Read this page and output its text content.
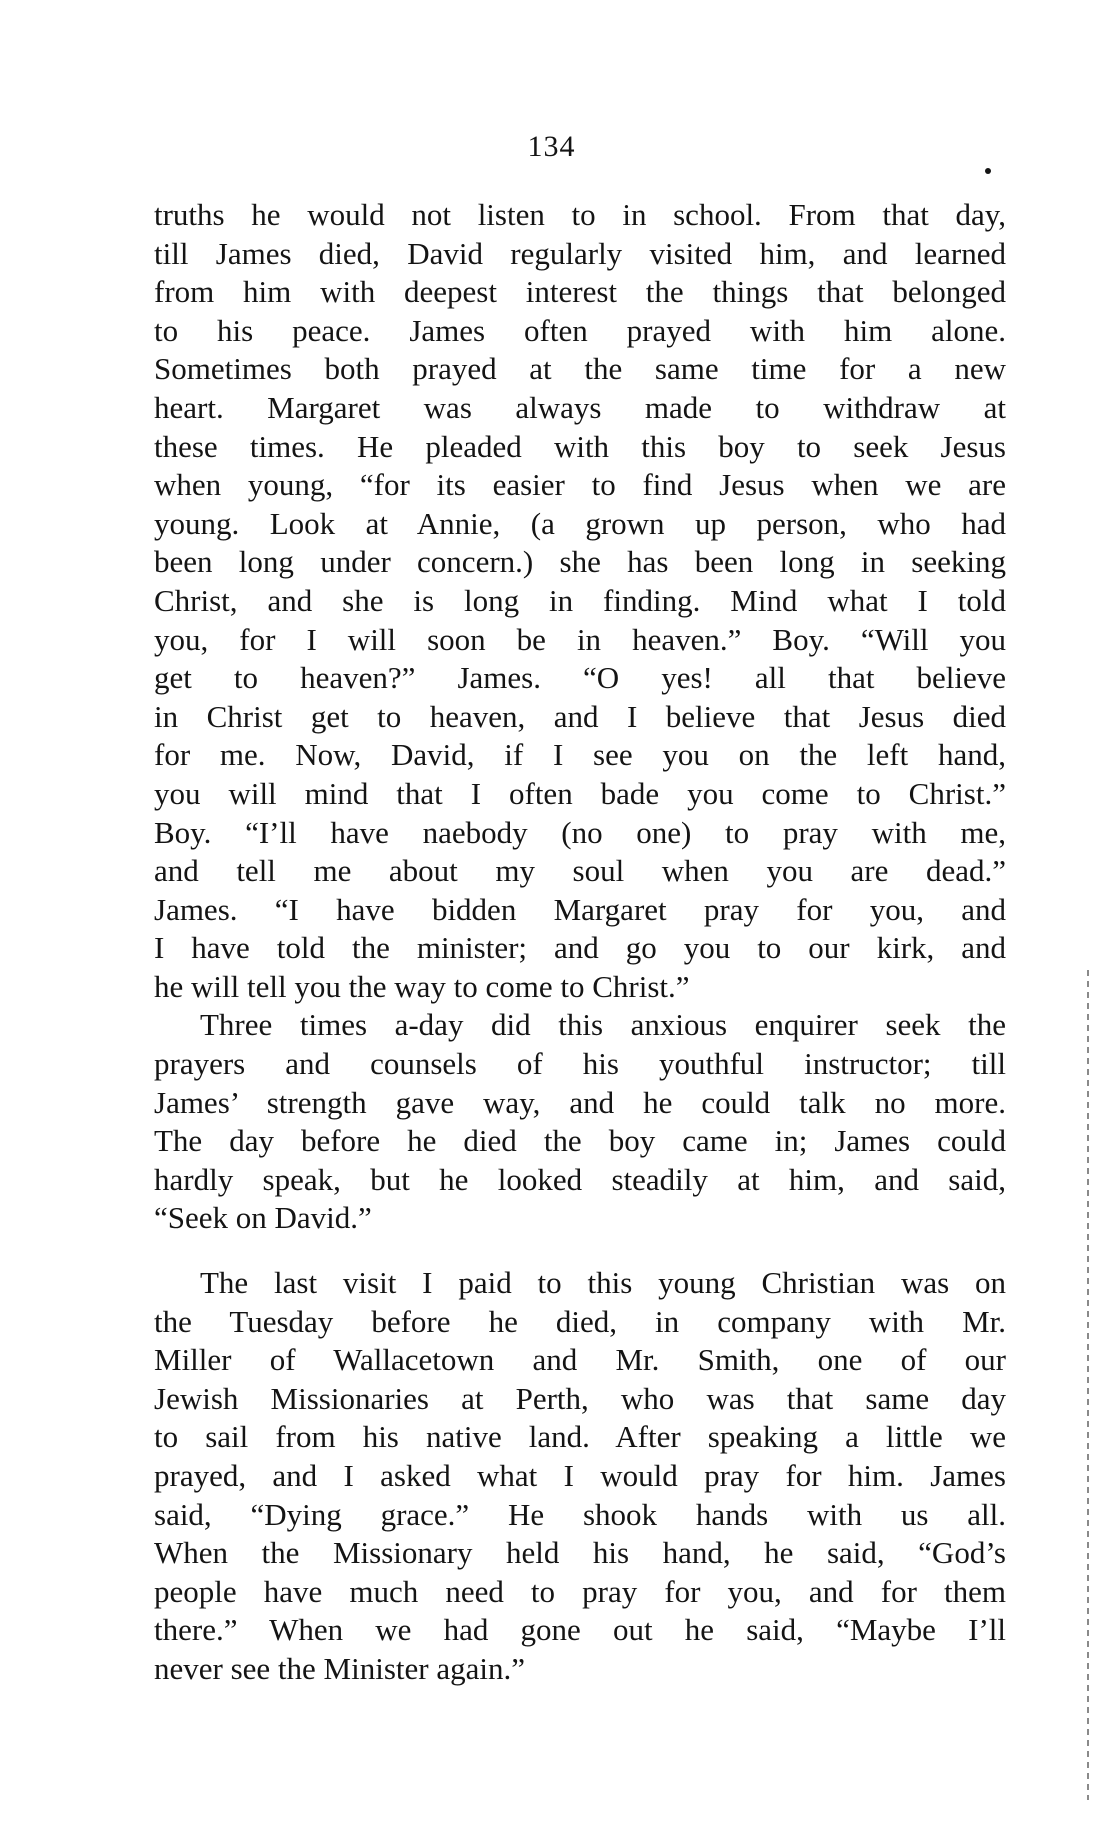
134
truths he would not listen to in school. From that day,
till James died, David regularly visited him, and learned
from him with deepest interest the things that belonged
to his peace. James often prayed with him alone.
Sometimes both prayed at the same time for a new
heart. Margaret was always made to withdraw at
these times. He pleaded with this boy to seek Jesus
when young, “for its easier to find Jesus when we are
young. Look at Annie, (a grown up person, who had
been long under concern.) she has been long in seeking
Christ, and she is long in finding. Mind what I told
you, for I will soon be in heaven.” Boy. “Will you
get to heaven?” James. “O yes! all that believe
in Christ get to heaven, and I believe that Jesus died
for me. Now, David, if I see you on the left hand,
you will mind that I often bade you come to Christ.”
Boy. “I’ll have naebody (no one) to pray with me,
and tell me about my soul when you are dead.”
James. “I have bidden Margaret pray for you, and
I have told the minister; and go you to our kirk, and
he will tell you the way to come to Christ.”
Three times a-day did this anxious enquirer seek the
prayers and counsels of his youthful instructor; till
James’ strength gave way, and he could talk no more.
The day before he died the boy came in; James could
hardly speak, but he looked steadily at him, and said,
“Seek on David.”
The last visit I paid to this young Christian was on
the Tuesday before he died, in company with Mr.
Miller of Wallacetown and Mr. Smith, one of our
Jewish Missionaries at Perth, who was that same day
to sail from his native land. After speaking a little we
prayed, and I asked what I would pray for him. James
said, “Dying grace.” He shook hands with us all.
When the Missionary held his hand, he said, “God’s
people have much need to pray for you, and for them
there.” When we had gone out he said, “Maybe I’ll
never see the Minister again.”
